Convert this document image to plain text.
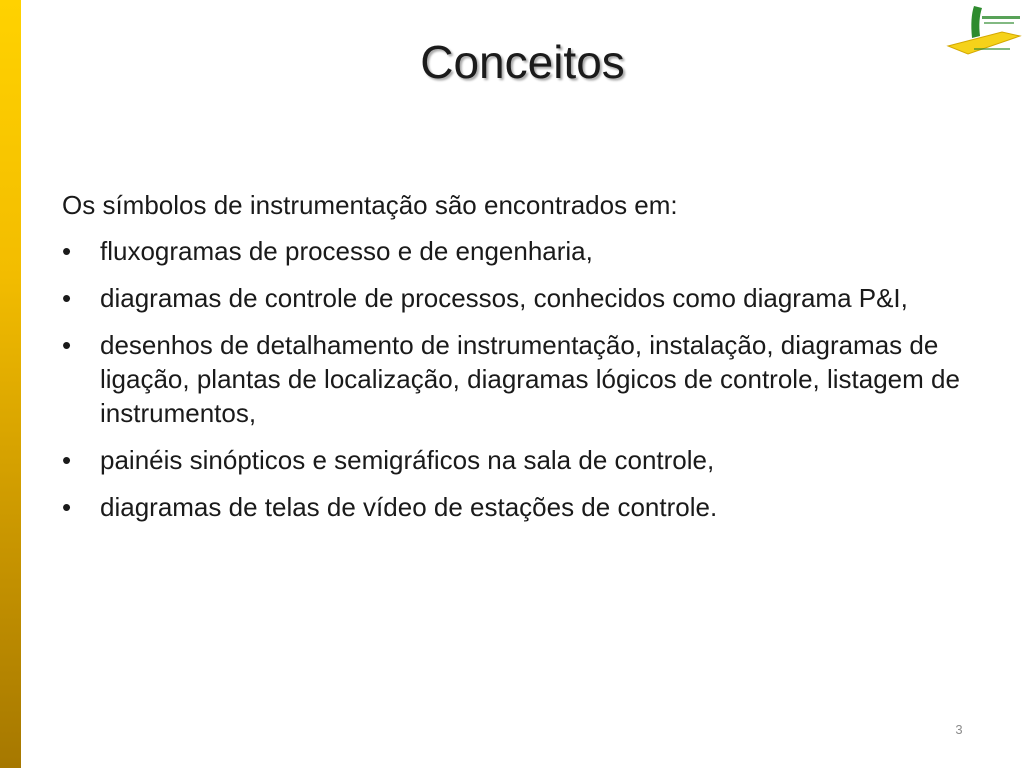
Conceitos
Os símbolos de instrumentação são encontrados em:
•	fluxogramas de processo e de engenharia,
•	diagramas de controle de processos, conhecidos como diagrama P&I,
•	desenhos de detalhamento de instrumentação, instalação, diagramas de ligação, plantas de localização, diagramas lógicos de controle, listagem de instrumentos,
•	painéis sinópticos e semigráficos na sala de controle,
•	diagramas de telas de vídeo de estações de controle.
3
